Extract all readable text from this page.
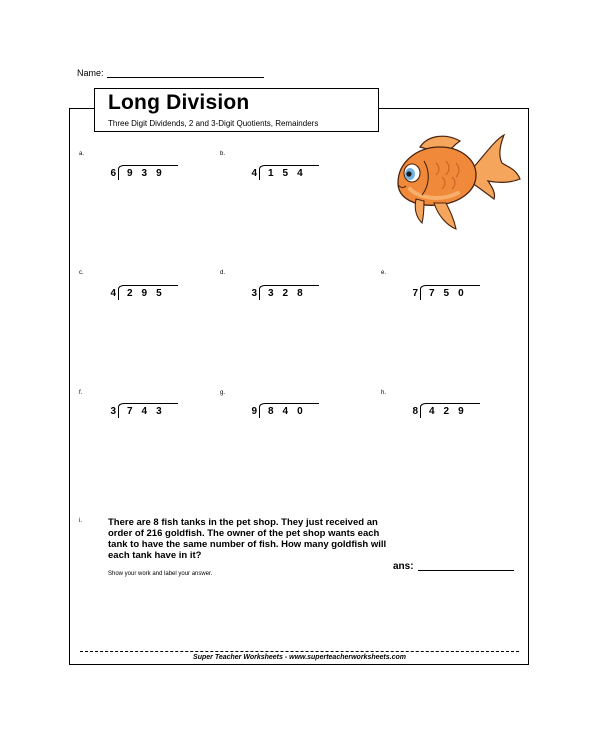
Name:
Long Division
Three Digit Dividends, 2 and 3-Digit Quotients, Remainders
a.
6 939
b.
4 154
c.
4 295
d.
3 328
e.
7 750
f.
3 743
g.
9 840
h.
8 429
i.	There are 8 fish tanks in the pet shop. They just received an order of 216 goldfish. The owner of the pet shop wants each tank to have the same number of fish. How many goldfish will each tank have in it?
Show your work and label your answer.
ans:
Super Teacher Worksheets - www.superteacherworksheets.com
